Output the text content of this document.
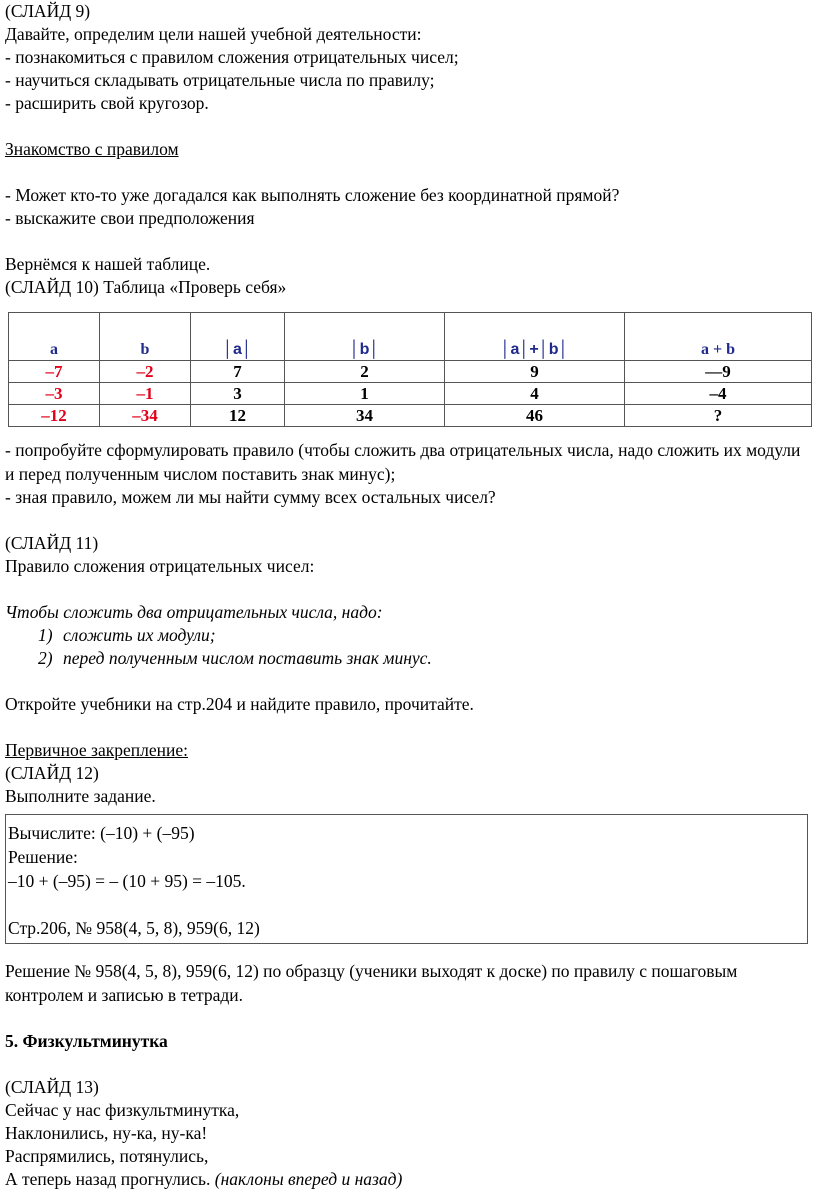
(СЛАЙД 9)
Давайте, определим цели нашей учебной деятельности:
- познакомиться с правилом сложения отрицательных чисел;
- научиться складывать отрицательные числа по правилу;
- расширить свой кругозор.
Знакомство с правилом
- Может кто-то уже догадался как выполнять сложение без координатной прямой?
- выскажите свои предположения
Вернёмся к нашей таблице.
(СЛАЙД 10) Таблица «Проверь себя»

a	b	│a│	│b│	│a│+│b│	a + b
–7	–2	7	2	9	—9
–3	–1	3	1	4	–4
–12	–34	12	34	46	?
- попробуйте сформулировать правило (чтобы сложить два отрицательных числа, надо сложить их модули и перед полученным числом поставить знак минус);
- зная правило, можем ли мы найти сумму всех остальных чисел?
(СЛАЙД 11)
Правило сложения отрицательных чисел:
Чтобы сложить два отрицательных числа, надо:
1) сложить их модули;
2) перед полученным числом поставить знак минус.
Откройте учебники на стр.204 и найдите правило, прочитайте.
Первичное закрепление:
(СЛАЙД 12)
Выполните задание.
Вычислите: (–10) + (–95)
Решение:
–10 + (–95) = – (10 + 95) = –105.
Стр.206, № 958(4, 5, 8), 959(6, 12)
Решение № 958(4, 5, 8), 959(6, 12) по образцу (ученики выходят к доске) по правилу с пошаговым контролем и записью в тетради.
5. Физкультминутка
(СЛАЙД 13)
Сейчас у нас физкультминутка,
Наклонились, ну-ка, ну-ка!
Распрямились, потянулись,
А теперь назад прогнулись. (наклоны вперед и назад)
